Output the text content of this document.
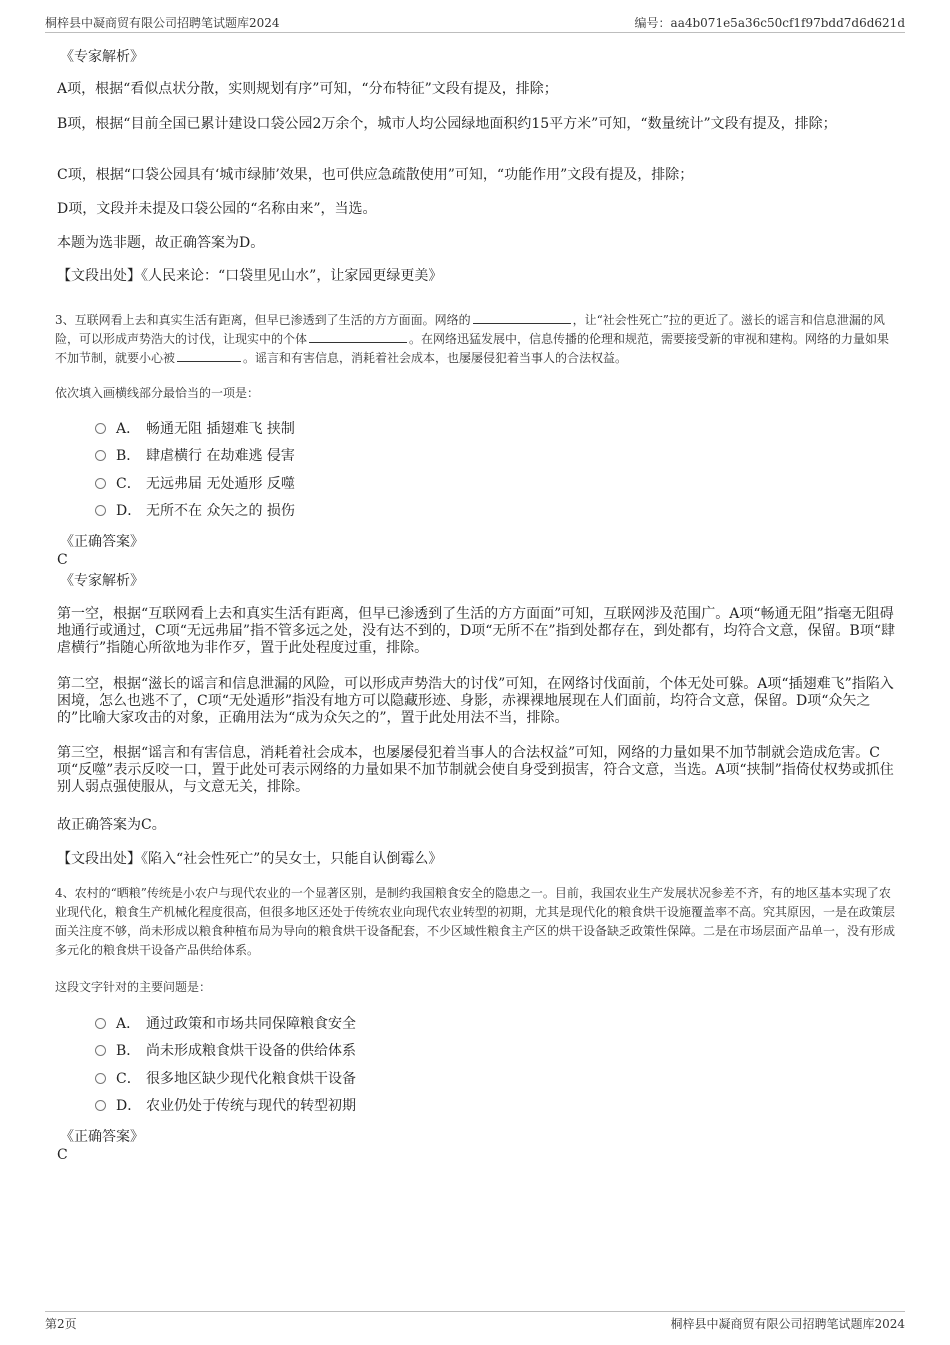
桐梓县中凝商贸有限公司招聘笔试题库2024	编号：aa4b071e5a36c50cf1f97bdd7d6d621d

《专家解析》

A项，根据“看似点状分散，实则规划有序”可知，“分布特征”文段有提及，排除；

B项，根据“目前全国已累计建设口袋公园2万余个，城市人均公园绿地面积约15平方米”可知，“数量统计”文段有提及，排除；

C项，根据“口袋公园具有‘城市绿肺’效果，也可供应急疏散使用”可知，“功能作用”文段有提及，排除；

D项，文段并未提及口袋公园的“名称由来”，当选。

本题为选非题，故正确答案为D。

【文段出处】《人民来论：“口袋里见山水”，让家园更绿更美》

3、互联网看上去和真实生活有距离，但早已渗透到了生活的方方面面。网络的	，让“社会性死亡”拉的更近了。滋长的谣言和信息泄漏的风险，可以形成声势浩大的讨伐，让现实中的个体	。在网络迅猛发展中，信息传播的伦理和规范，需要接受新的审视和建构。网络的力量如果不加节制，就要小心被	。谣言和有害信息，消耗着社会成本，也屡屡侵犯着当事人的合法权益。

依次填入画横线部分最恰当的一项是：

A． 畅通无阻 插翅难飞 挟制
B． 肆虐横行 在劫难逃 侵害
C． 无远弗届 无处遁形 反噬
D． 无所不在 众矢之的 损伤

《正确答案》

C

《专家解析》

第一空，根据“互联网看上去和真实生活有距离，但早已渗透到了生活的方方面面”可知，互联网涉及范围广。A项“畅通无阻”指毫无阻碍地通行或通过，C项“无远弗届”指不管多远之处，没有达不到的，D项“无所不在”指到处都存在，到处都有，均符合文意，保留。B项“肆虐横行”指随心所欲地为非作歹，置于此处程度过重，排除。

第二空，根据“滋长的谣言和信息泄漏的风险，可以形成声势浩大的讨伐”可知，在网络讨伐面前，个体无处可躲。A项“插翅难飞”指陷入困境，怎么也逃不了，C项“无处遁形”指没有地方可以隐藏形迹、身影，赤裸裸地展现在人们面前，均符合文意，保留。D项“众矢之的”比喻大家攻击的对象，正确用法为“成为众矢之的”，置于此处用法不当，排除。

第三空，根据“谣言和有害信息，消耗着社会成本，也屡屡侵犯着当事人的合法权益”可知，网络的力量如果不加节制就会造成危害。C项“反噬”表示反咬一口，置于此处可表示网络的力量如果不加节制就会使自身受到损害，符合文意，当选。A项“挟制”指倚仗权势或抓住别人弱点强使服从，与文意无关，排除。

故正确答案为C。

【文段出处】《陷入“社会性死亡”的吴女士，只能自认倒霉么》

4、农村的“晒粮”传统是小农户与现代农业的一个显著区别，是制约我国粮食安全的隐患之一。目前，我国农业生产发展状况参差不齐，有的地区基本实现了农业现代化，粮食生产机械化程度很高，但很多地区还处于传统农业向现代农业转型的初期，尤其是现代化的粮食烘干设施覆盖率不高。究其原因，一是在政策层面关注度不够，尚未形成以粮食种植布局为导向的粮食烘干设备配套，不少区域性粮食主产区的烘干设备缺乏政策性保障。二是在市场层面产品单一，没有形成多元化的粮食烘干设备产品供给体系。

这段文字针对的主要问题是：

A． 通过政策和市场共同保障粮食安全
B． 尚未形成粮食烘干设备的供给体系
C． 很多地区缺少现代化粮食烘干设备
D． 农业仍处于传统与现代的转型初期

《正确答案》

C

第2页	桐梓县中凝商贸有限公司招聘笔试题库2024
